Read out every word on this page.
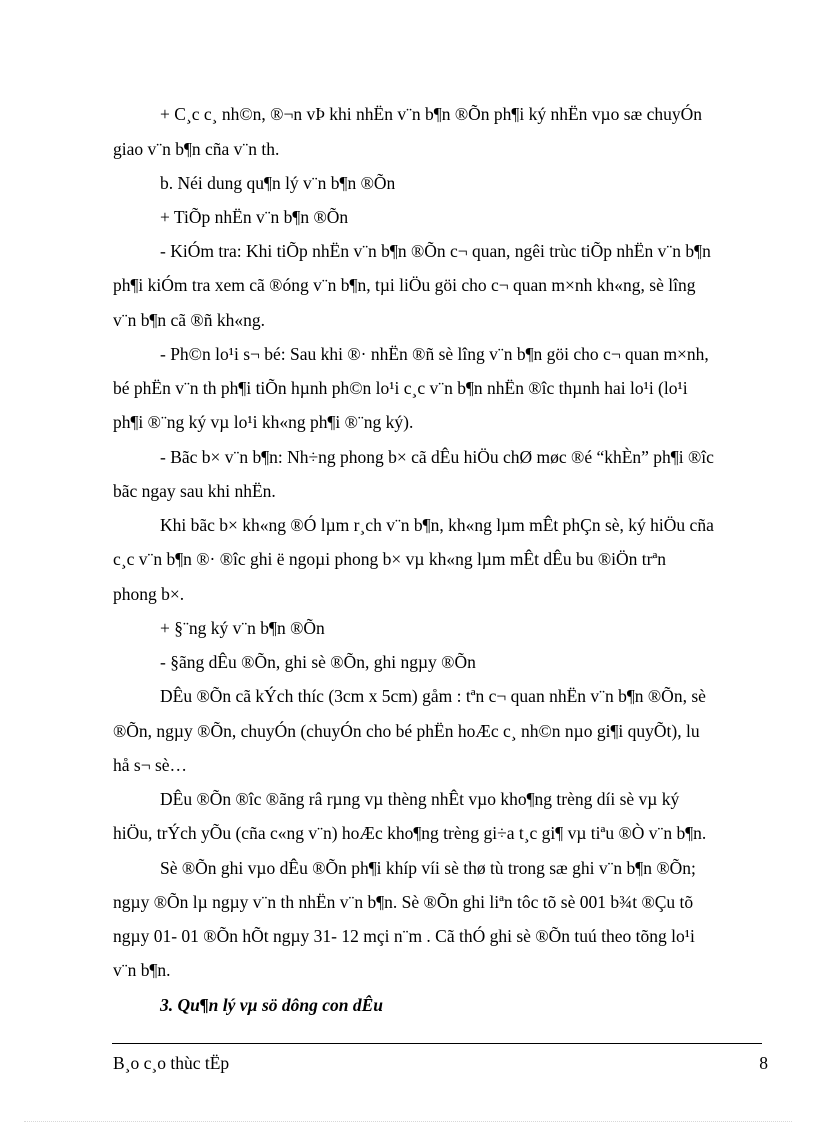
+ C¸c c¸ nh©n, ®¬n vÞ khi nhËn v¨n b¶n ®Õn ph¶i ký nhËn vµo sæ chuyÓn
giao v¨n b¶n cña v¨n th.
b. Néi dung qu¶n lý v¨n b¶n ®Õn
+ TiÕp nhËn v¨n b¶n ®Õn
- KiÓm tra: Khi tiÕp nhËn v¨n b¶n ®Õn c¬ quan, ngêi trùc tiÕp nhËn v¨n b¶n
ph¶i kiÓm tra xem cã ®óng v¨n b¶n, tµi liÖu göi cho c¬ quan m×nh kh«ng, sè lîng
v¨n b¶n cã ®ñ kh«ng.
- Ph©n lo¹i s¬ bé: Sau khi ®· nhËn ®ñ sè lîng v¨n b¶n göi cho c¬ quan m×nh,
bé phËn v¨n th ph¶i tiÕn hµnh ph©n lo¹i c¸c v¨n b¶n nhËn ®îc thµnh hai lo¹i (lo¹i
ph¶i ®¨ng ký vµ lo¹i kh«ng ph¶i ®¨ng ký).
- Bãc b× v¨n b¶n: Nh÷ng phong b× cã dÊu hiÖu chØ møc ®é “khÈn” ph¶i ®îc
bãc ngay sau khi nhËn.
Khi bãc b× kh«ng ®Ó lµm r¸ch v¨n b¶n, kh«ng lµm mÊt phÇn sè, ký hiÖu cña
c¸c v¨n b¶n ®· ®îc ghi ë ngoµi phong b× vµ kh«ng lµm mÊt dÊu bu ®iÖn trªn
phong b×.
+ §¨ng ký v¨n b¶n ®Õn
- §ãng dÊu ®Õn, ghi sè ®Õn, ghi ngµy ®Õn
DÊu ®Õn cã kÝch thíc (3cm x 5cm) gåm : tªn c¬ quan nhËn v¨n b¶n ®Õn, sè
®Õn, ngµy ®Õn, chuyÓn (chuyÓn cho bé phËn hoÆc c¸ nh©n nµo gi¶i quyÕt), lu
hå s¬ sè…
DÊu ®Õn ®îc ®ãng râ rµng vµ thèng nhÊt vµo kho¶ng trèng díi sè vµ ký
hiÖu, trÝch yÕu (cña c«ng v¨n) hoÆc kho¶ng trèng gi÷a t¸c gi¶ vµ tiªu ®Ò v¨n b¶n.
Sè ®Õn ghi vµo dÊu ®Õn ph¶i khíp víi sè thø tù trong sæ ghi v¨n b¶n ®Õn;
ngµy ®Õn lµ ngµy v¨n th nhËn v¨n b¶n. Sè ®Õn ghi liªn tôc tõ sè 001 b¾t ®Çu tõ
ngµy 01- 01 ®Õn hÕt ngµy 31- 12 mçi n¨m . Cã thÓ ghi sè ®Õn tuú theo tõng lo¹i
v¨n b¶n.
3. Qu¶n lý vµ sö dông con dÊu
B¸o c¸o thùc tËp	8
